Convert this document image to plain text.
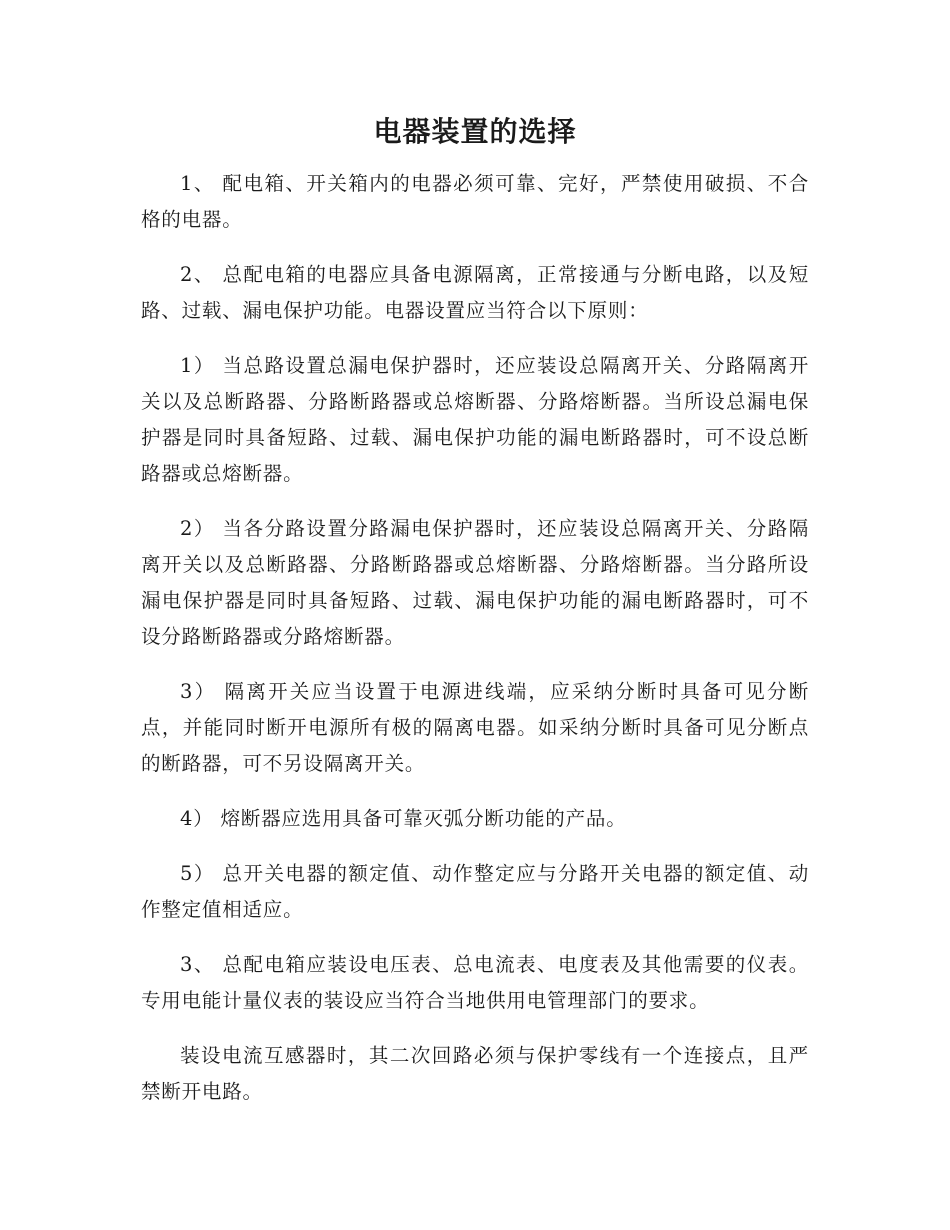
电器装置的选择

1、 配电箱、开关箱内的电器必须可靠、完好，严禁使用破损、不合格的电器。

2、 总配电箱的电器应具备电源隔离，正常接通与分断电路，以及短路、过载、漏电保护功能。电器设置应当符合以下原则：

1） 当总路设置总漏电保护器时，还应装设总隔离开关、分路隔离开关以及总断路器、分路断路器或总熔断器、分路熔断器。当所设总漏电保护器是同时具备短路、过载、漏电保护功能的漏电断路器时，可不设总断路器或总熔断器。

2） 当各分路设置分路漏电保护器时，还应装设总隔离开关、分路隔离开关以及总断路器、分路断路器或总熔断器、分路熔断器。当分路所设漏电保护器是同时具备短路、过载、漏电保护功能的漏电断路器时，可不设分路断路器或分路熔断器。

3） 隔离开关应当设置于电源进线端，应采纳分断时具备可见分断点，并能同时断开电源所有极的隔离电器。如采纳分断时具备可见分断点的断路器，可不另设隔离开关。

4） 熔断器应选用具备可靠灭弧分断功能的产品。

5） 总开关电器的额定值、动作整定应与分路开关电器的额定值、动作整定值相适应。

3、 总配电箱应装设电压表、总电流表、电度表及其他需要的仪表。专用电能计量仪表的装设应当符合当地供用电管理部门的要求。

装设电流互感器时，其二次回路必须与保护零线有一个连接点，且严禁断开电路。
